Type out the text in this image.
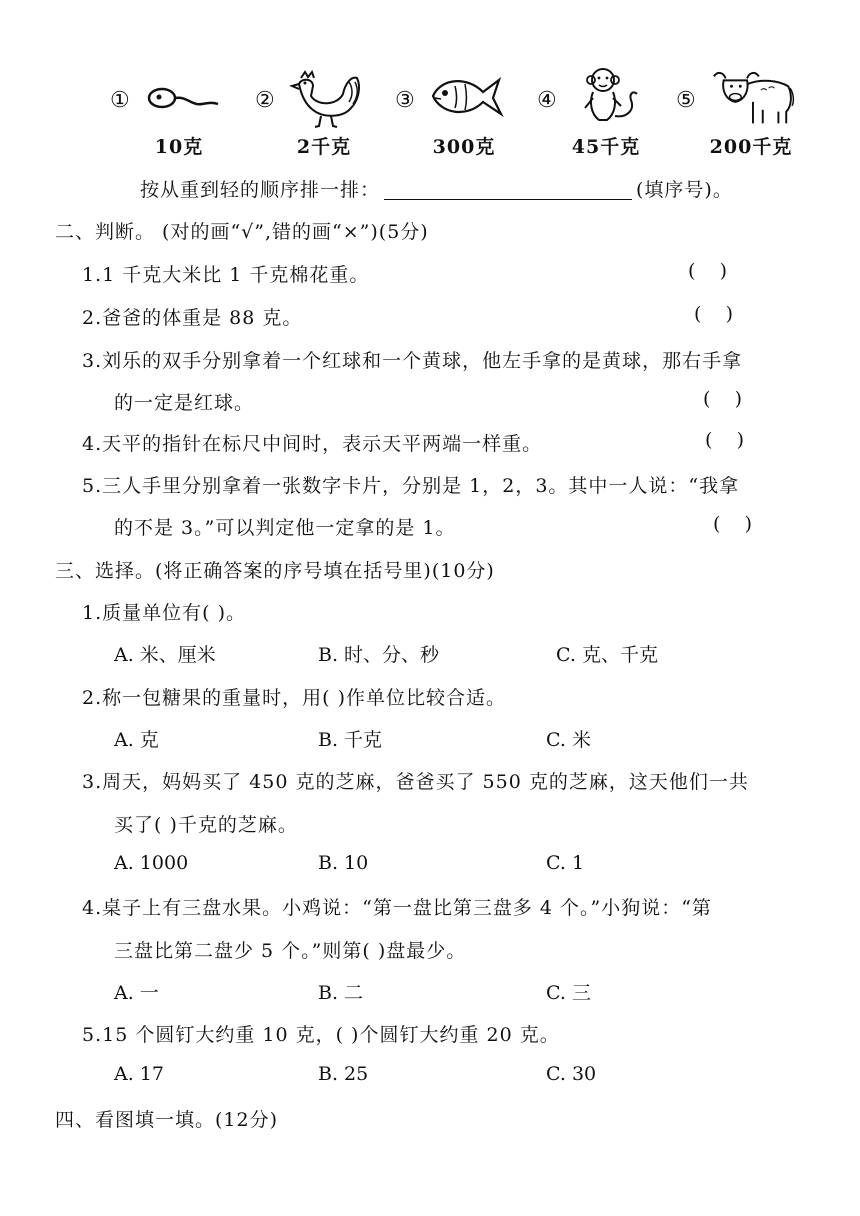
①
10克
②
2千克
③
300克
④
45千克
⑤
200千克
按从重到轻的顺序排一排：	(填序号)。
二、判断。 (对的画“√”,错的画“×”)(5分)
1.1 千克大米比 1 千克棉花重。	(    )
2.爸爸的体重是 88 克。	(    )
3.刘乐的双手分别拿着一个红球和一个黄球，他左手拿的是黄球，那右手拿
的一定是红球。	(    )
4.天平的指针在标尺中间时，表示天平两端一样重。	(    )
5.三人手里分别拿着一张数字卡片，分别是 1，2，3。其中一人说：“我拿
的不是 3。”可以判定他一定拿的是 1。	(    )
三、选择。(将正确答案的序号填在括号里)(10分)
1.质量单位有( )。
A. 米、厘米	B. 时、分、秒	C. 克、千克
2.称一包糖果的重量时，用( )作单位比较合适。
A. 克	B. 千克	C. 米
3.周天，妈妈买了 450 克的芝麻，爸爸买了 550 克的芝麻，这天他们一共
买了( )千克的芝麻。
A. 1000	B. 10	C. 1
4.桌子上有三盘水果。小鸡说：“第一盘比第三盘多 4 个。”小狗说：“第
三盘比第二盘少 5 个。”则第( )盘最少。
A. 一	B. 二	C. 三
5.15 个圆钉大约重 10 克，( )个圆钉大约重 20 克。
A. 17	B. 25	C. 30
四、看图填一填。(12分)
